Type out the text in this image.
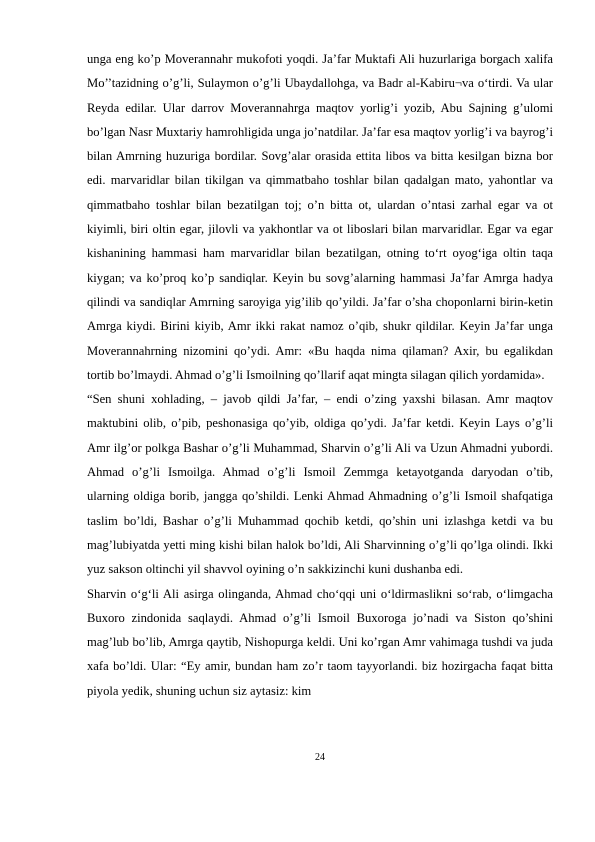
unga eng ko’p Moverannahr mukofoti yoqdi. Ja’far Muktafi Ali huzurlariga borgach xalifa Mo’’tazidning o’g’li, Sulaymon o’g’li Ubaydallohga, va Badr al-Kabiru¬va o‘tirdi. Va ular Reyda edilar. Ular darrov Moverannahrga maqtov yorlig’i yozib, Abu Sajning g’ulomi bo’lgan Nasr Muxtariy hamrohligida unga jo’natdilar. Ja’far esa maqtov yorlig’i va bayrog’i bilan Amrning huzuriga bordilar. Sovg’alar orasida ettita libos va bitta kesilgan bizna bor edi. marvaridlar bilan tikilgan va qimmatbaho toshlar bilan qadalgan mato, yahontlar va qimmatbaho toshlar bilan bezatilgan toj; o’n bitta ot, ulardan o’ntasi zarhal egar va ot kiyimli, biri oltin egar, jilovli va yakhontlar va ot liboslari bilan marvaridlar. Egar va egar kishanining hammasi ham marvaridlar bilan bezatilgan, otning to‘rt oyog‘iga oltin taqa kiygan; va ko’proq ko’p sandiqlar. Keyin bu sovg’alarning hammasi Ja’far Amrga hadya qilindi va sandiqlar Amrning saroyiga yig’ilib qo’yildi. Ja’far o’sha choponlarni birin-ketin Amrga kiydi. Birini kiyib, Amr ikki rakat namoz o’qib, shukr qildilar. Keyin Ja’far unga Moverannahrning nizomini qo’ydi. Amr: «Bu haqda nima qilaman? Axir, bu egalikdan tortib bo’lmaydi. Ahmad o’g’li Ismoilning qo’llarif aqat mingta silagan qilich yordamida».

“Sen shuni xohlading, – javob qildi Ja’far, – endi o’zing yaxshi bilasan. Amr maqtov maktubini olib, o’pib, peshonasiga qo’yib, oldiga qo’ydi. Ja’far ketdi. Keyin Lays o’g’li Amr ilg’or polkga Bashar o’g’li Muhammad, Sharvin o’g’li Ali va Uzun Ahmadni yubordi. Ahmad o’g’li Ismoilga. Ahmad o’g’li Ismoil Zemmga ketayotganda daryodan o’tib, ularning oldiga borib, jangga qo’shildi. Lenki Ahmad Ahmadning o’g’li Ismoil shafqatiga taslim bo’ldi, Bashar o’g’li Muhammad qochib ketdi, qo’shin uni izlashga ketdi va bu mag’lubiyatda yetti ming kishi bilan halok bo’ldi, Ali Sharvinning o’g’li qo’lga olindi. Ikki yuz sakson oltinchi yil shavvol oyining o’n sakkizinchi kuni dushanba edi.

Sharvin o‘g‘li Ali asirga olinganda, Ahmad cho‘qqi uni o‘ldirmaslikni so‘rab, o‘limgacha Buxoro zindonida saqlaydi. Ahmad o’g’li Ismoil Buxoroga jo’nadi va Siston qo’shini mag’lub bo’lib, Amrga qaytib, Nishopurga keldi. Uni ko’rgan Amr vahimaga tushdi va juda xafa bo’ldi. Ular: “Ey amir, bundan ham zo’r taom tayyorlandi. biz hozirgacha faqat bitta piyola yedik, shuning uchun siz aytasiz: kim

24
